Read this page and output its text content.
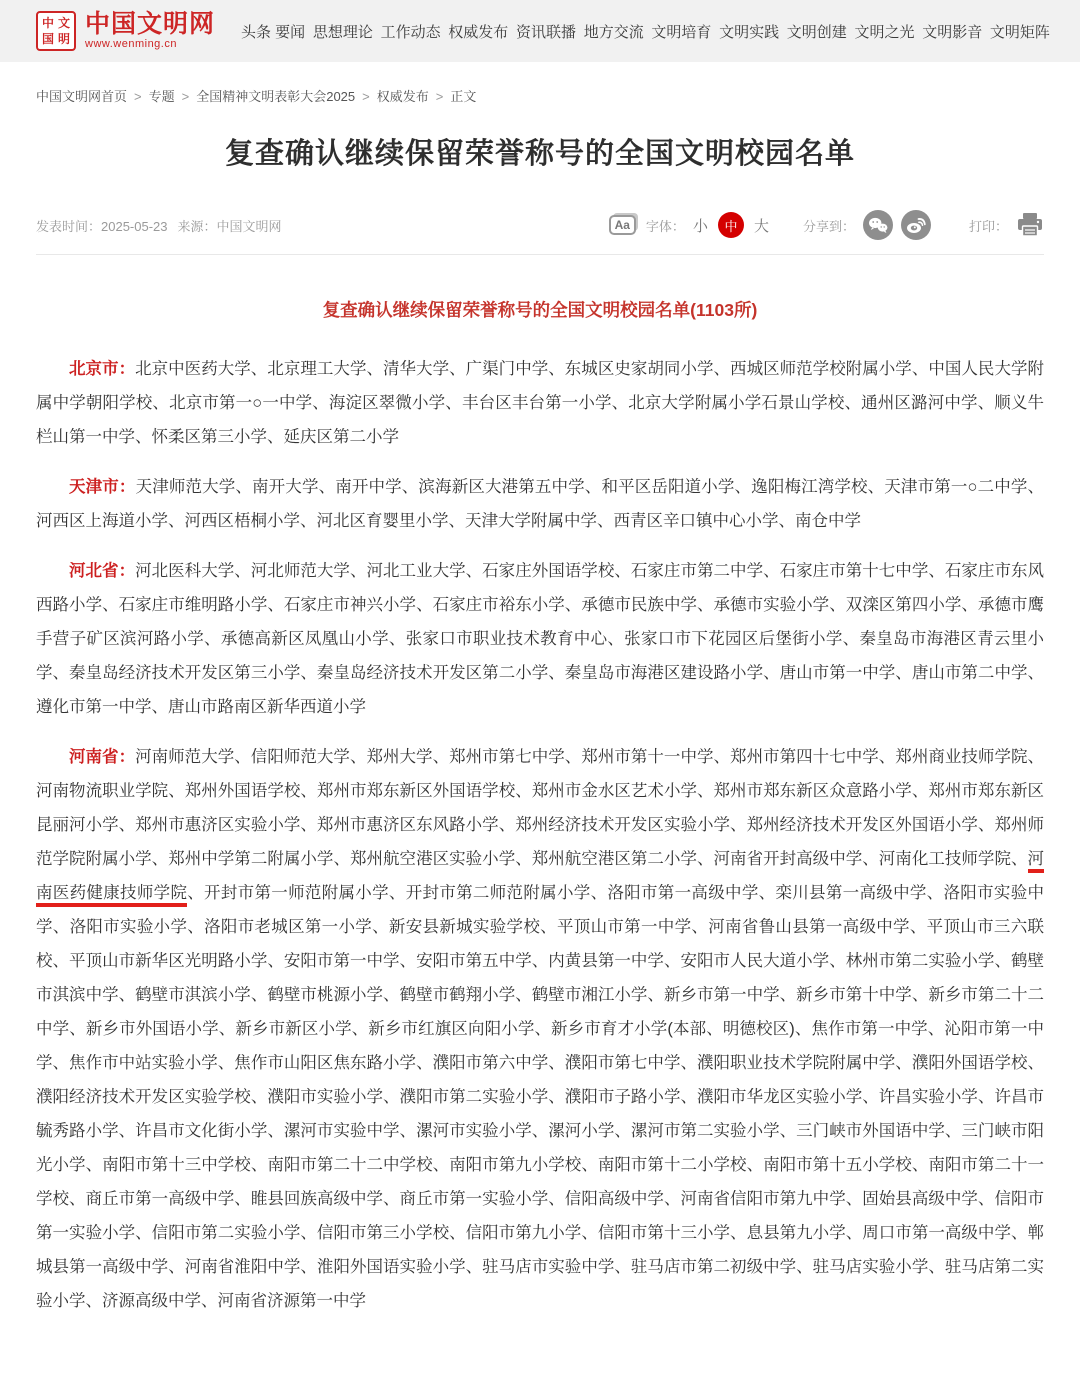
中 文
国 明
中国文明网
www.wenming.cn
头条 要闻 思想理论 工作动态 权威发布 资讯联播 地方交流 文明培育 文明实践 文明创建 文明之光 文明影音 文明矩阵
中国文明网首页 > 专题 > 全国精神文明表彰大会2025 > 权威发布 > 正文
复查确认继续保留荣誉称号的全国文明校园名单
发表时间：2025-05-23 来源：中国文明网	Aa	字体： 小	中	大	分享到：	打印：
复查确认继续保留荣誉称号的全国文明校园名单(1103所)

北京市：北京中医药大学、北京理工大学、清华大学、广渠门中学、东城区史家胡同小学、西城区师范学校附属小学、中国人民大学附属中学朝阳学校、北京市第一○一中学、海淀区翠微小学、丰台区丰台第一小学、北京大学附属小学石景山学校、通州区潞河中学、顺义牛栏山第一中学、怀柔区第三小学、延庆区第二小学

天津市：天津师范大学、南开大学、南开中学、滨海新区大港第五中学、和平区岳阳道小学、逸阳梅江湾学校、天津市第一○二中学、河西区上海道小学、河西区梧桐小学、河北区育婴里小学、天津大学附属中学、西青区辛口镇中心小学、南仓中学

河北省：河北医科大学、河北师范大学、河北工业大学、石家庄外国语学校、石家庄市第二中学、石家庄市第十七中学、石家庄市东风西路小学、石家庄市维明路小学、石家庄市神兴小学、石家庄市裕东小学、承德市民族中学、承德市实验小学、双滦区第四小学、承德市鹰手营子矿区滨河路小学、承德高新区凤凰山小学、张家口市职业技术教育中心、张家口市下花园区后堡街小学、秦皇岛市海港区青云里小学、秦皇岛经济技术开发区第三小学、秦皇岛经济技术开发区第二小学、秦皇岛市海港区建设路小学、唐山市第一中学、唐山市第二中学、遵化市第一中学、唐山市路南区新华西道小学

河南省：河南师范大学、信阳师范大学、郑州大学、郑州市第七中学、郑州市第十一中学、郑州市第四十七中学、郑州商业技师学院、河南物流职业学院、郑州外国语学校、郑州市郑东新区外国语学校、郑州市金水区艺术小学、郑州市郑东新区众意路小学、郑州市郑东新区昆丽河小学、郑州市惠济区实验小学、郑州市惠济区东风路小学、郑州经济技术开发区实验小学、郑州经济技术开发区外国语小学、郑州师范学院附属小学、郑州中学第二附属小学、郑州航空港区实验小学、郑州航空港区第二小学、河南省开封高级中学、河南化工技师学院、河南医药健康技师学院、开封市第一师范附属小学、开封市第二师范附属小学、洛阳市第一高级中学、栾川县第一高级中学、洛阳市实验中学、洛阳市实验小学、洛阳市老城区第一小学、新安县新城实验学校、平顶山市第一中学、河南省鲁山县第一高级中学、平顶山市三六联校、平顶山市新华区光明路小学、安阳市第一中学、安阳市第五中学、内黄县第一中学、安阳市人民大道小学、林州市第二实验小学、鹤壁市淇滨中学、鹤壁市淇滨小学、鹤壁市桃源小学、鹤壁市鹤翔小学、鹤壁市湘江小学、新乡市第一中学、新乡市第十中学、新乡市第二十二中学、新乡市外国语小学、新乡市新区小学、新乡市红旗区向阳小学、新乡市育才小学(本部、明德校区)、焦作市第一中学、沁阳市第一中学、焦作市中站实验小学、焦作市山阳区焦东路小学、濮阳市第六中学、濮阳市第七中学、濮阳职业技术学院附属中学、濮阳外国语学校、濮阳经济技术开发区实验学校、濮阳市实验小学、濮阳市第二实验小学、濮阳市子路小学、濮阳市华龙区实验小学、许昌实验小学、许昌市毓秀路小学、许昌市文化街小学、漯河市实验中学、漯河市实验小学、漯河小学、漯河市第二实验小学、三门峡市外国语中学、三门峡市阳光小学、南阳市第十三中学校、南阳市第二十二中学校、南阳市第九小学校、南阳市第十二小学校、南阳市第十五小学校、南阳市第二十一学校、商丘市第一高级中学、睢县回族高级中学、商丘市第一实验小学、信阳高级中学、河南省信阳市第九中学、固始县高级中学、信阳市第一实验小学、信阳市第二实验小学、信阳市第三小学校、信阳市第九小学、信阳市第十三小学、息县第九小学、周口市第一高级中学、郸城县第一高级中学、河南省淮阳中学、淮阳外国语实验小学、驻马店市实验中学、驻马店市第二初级中学、驻马店实验小学、驻马店第二实验小学、济源高级中学、河南省济源第一中学
